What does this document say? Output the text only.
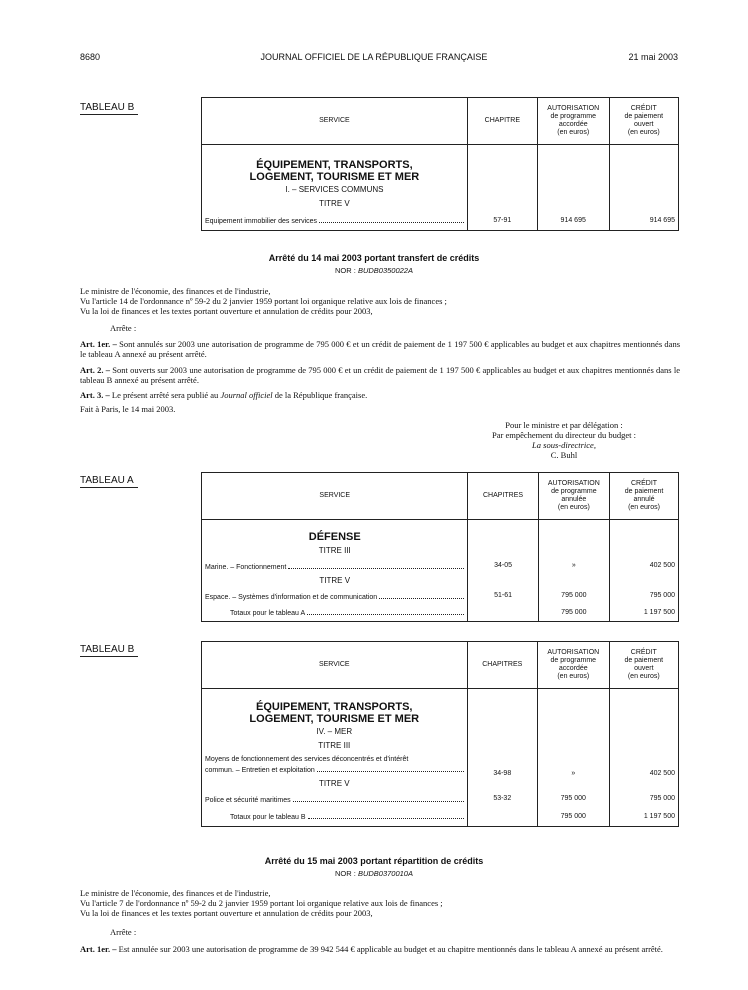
8680	JOURNAL OFFICIEL DE LA RÉPUBLIQUE FRANÇAISE	21 mai 2003
TABLEAU B
SERVICE	CHAPITRE	AUTORISATION
de programme
accordée
(en euros)	CRÉDIT
de paiement
ouvert
(en euros)

ÉQUIPEMENT, TRANSPORTS, LOGEMENT, TOURISME ET MER			
I. – SERVICES COMMUNS			
TITRE V			

Equipement immobilier des services	57-91	914 695	914 695
Arrêté du 14 mai 2003 portant transfert de crédits
NOR : BUDB0350022A
Le ministre de l'économie, des finances et de l'industrie,
Vu l'article 14 de l'ordonnance nº 59-2 du 2 janvier 1959 portant loi organique relative aux lois de finances ;
Vu la loi de finances et les textes portant ouverture et annulation de crédits pour 2003,
Arrête :
Art. 1er. – Sont annulés sur 2003 une autorisation de programme de 795 000 € et un crédit de paiement de 1 197 500 € applicables au budget et aux chapitres mentionnés dans le tableau A annexé au présent arrêté.
Art. 2. – Sont ouverts sur 2003 une autorisation de programme de 795 000 € et un crédit de paiement de 1 197 500 € applicables au budget et aux chapitres mentionnés dans le tableau B annexé au présent arrêté.
Art. 3. – Le présent arrêté sera publié au Journal officiel de la République française.
Fait à Paris, le 14 mai 2003.
Pour le ministre et par délégation :
Par empêchement du directeur du budget :
La sous-directrice,
C. Buhl
TABLEAU A
SERVICE	CHAPITRES	AUTORISATION
de programme
annulée
(en euros)	CRÉDIT
de paiement
annulé
(en euros)

DÉFENSE			
TITRE III			

Marine. – Fonctionnement	34-05	»	402 500
TITRE V			

Espace. – Systèmes d'information et de communication	51-61	795 000	795 000

Totaux pour le tableau A		795 000	1 197 500
TABLEAU B
SERVICE	CHAPITRES	AUTORISATION
de programme
accordée
(en euros)	CRÉDIT
de paiement
ouvert
(en euros)

ÉQUIPEMENT, TRANSPORTS, LOGEMENT, TOURISME ET MER			
IV. – MER			
TITRE III			

Moyens de fonctionnement des services déconcentrés et d'intérêt
commun. – Entretien et exploitation	34-98	»	402 500
TITRE V			

Police et sécurité maritimes	53-32	795 000	795 000

Totaux pour le tableau B		795 000	1 197 500
Arrêté du 15 mai 2003 portant répartition de crédits
NOR : BUDB0370010A
Le ministre de l'économie, des finances et de l'industrie,
Vu l'article 7 de l'ordonnance nº 59-2 du 2 janvier 1959 portant loi organique relative aux lois de finances ;
Vu la loi de finances et les textes portant ouverture et annulation de crédits pour 2003,
Arrête :
Art. 1er. – Est annulée sur 2003 une autorisation de programme de 39 942 544 € applicable au budget et au chapitre mentionnés dans le tableau A annexé au présent arrêté.
